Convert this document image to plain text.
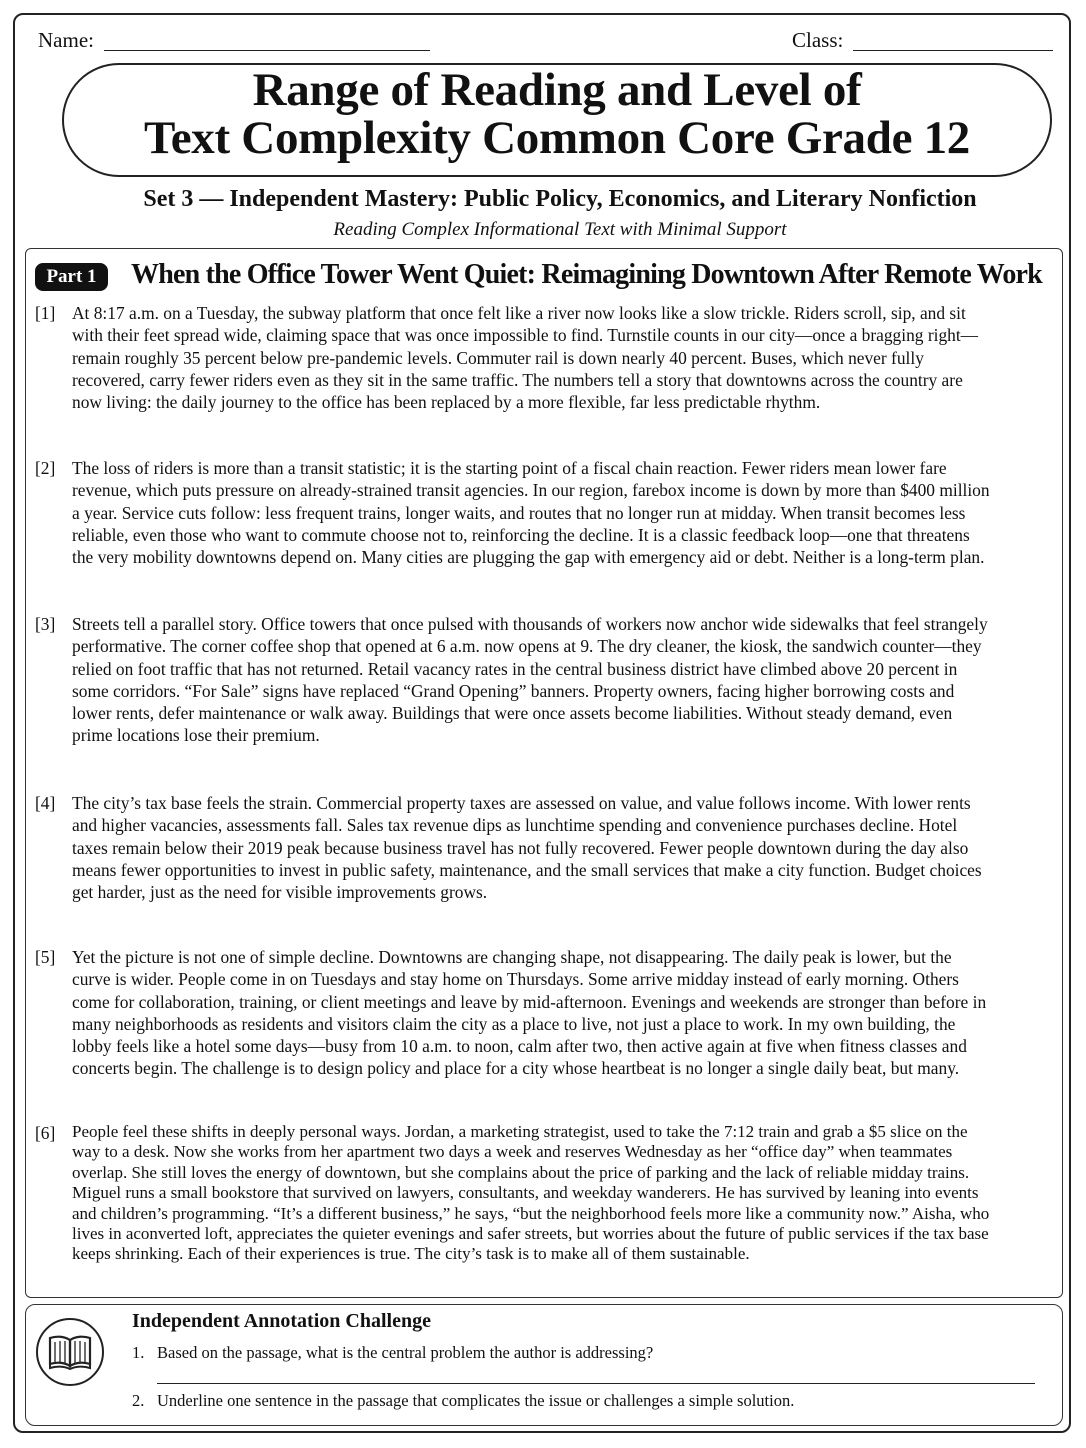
Name:	Class:
Range of Reading and Level of
Text Complexity Common Core Grade 12
Set 3 — Independent Mastery: Public Policy, Economics, and Literary Nonfiction
Reading Complex Informational Text with Minimal Support
Part 1	When the Office Tower Went Quiet: Reimagining Downtown After Remote Work
[1] At 8:17 a.m. on a Tuesday, the subway platform that once felt like a river now looks like a slow trickle. Riders scroll, sip, and sit with their feet spread wide, claiming space that was once impossible to find. Turnstile counts in our city—once a bragging right—remain roughly 35 percent below pre-pandemic levels. Commuter rail is down nearly 40 percent. Buses, which never fully recovered, carry fewer riders even as they sit in the same traffic. The numbers tell a story that downtowns across the country are now living: the daily journey to the office has been replaced by a more flexible, far less predictable rhythm.
[2] The loss of riders is more than a transit statistic; it is the starting point of a fiscal chain reaction. Fewer riders mean lower fare revenue, which puts pressure on already-strained transit agencies. In our region, farebox income is down by more than $400 million a year. Service cuts follow: less frequent trains, longer waits, and routes that no longer run at midday. When transit becomes less reliable, even those who want to commute choose not to, reinforcing the decline. It is a classic feedback loop—one that threatens the very mobility downtowns depend on. Many cities are plugging the gap with emergency aid or debt. Neither is a long-term plan.
[3] Streets tell a parallel story. Office towers that once pulsed with thousands of workers now anchor wide sidewalks that feel strangely performative. The corner coffee shop that opened at 6 a.m. now opens at 9. The dry cleaner, the kiosk, the sandwich counter—they relied on foot traffic that has not returned. Retail vacancy rates in the central business district have climbed above 20 percent in some corridors. “For Sale” signs have replaced “Grand Opening” banners. Property owners, facing higher borrowing costs and lower rents, defer maintenance or walk away. Buildings that were once assets become liabilities. Without steady demand, even prime locations lose their premium.
[4] The city’s tax base feels the strain. Commercial property taxes are assessed on value, and value follows income. With lower rents and higher vacancies, assessments fall. Sales tax revenue dips as lunchtime spending and convenience purchases decline. Hotel taxes remain below their 2019 peak because business travel has not fully recovered. Fewer people downtown during the day also means fewer opportunities to invest in public safety, maintenance, and the small services that make a city function. Budget choices get harder, just as the need for visible improvements grows.
[5] Yet the picture is not one of simple decline. Downtowns are changing shape, not disappearing. The daily peak is lower, but the curve is wider. People come in on Tuesdays and stay home on Thursdays. Some arrive midday instead of early morning. Others come for collaboration, training, or client meetings and leave by mid-afternoon. Evenings and weekends are stronger than before in many neighborhoods as residents and visitors claim the city as a place to live, not just a place to work. In my own building, the lobby feels like a hotel some days—busy from 10 a.m. to noon, calm after two, then active again at five when fitness classes and concerts begin. The challenge is to design policy and place for a city whose heartbeat is no longer a single daily beat, but many.
[6] People feel these shifts in deeply personal ways. Jordan, a marketing strategist, used to take the 7:12 train and grab a $5 slice on the way to a desk. Now she works from her apartment two days a week and reserves Wednesday as her “office day” when teammates overlap. She still loves the energy of downtown, but she complains about the price of parking and the lack of reliable midday trains. Miguel runs a small bookstore that survived on lawyers, consultants, and weekday wanderers. He has survived by leaning into events and children’s programming. “It’s a different business,” he says, “but the neighborhood feels more like a community now.” Aisha, who lives in aconverted loft, appreciates the quieter evenings and safer streets, but worries about the future of public services if the tax base keeps shrinking. Each of their experiences is true. The city’s task is to make all of them sustainable.
Independent Annotation Challenge
1. Based on the passage, what is the central problem the author is addressing?
2. Underline one sentence in the passage that complicates the issue or challenges a simple solution.
